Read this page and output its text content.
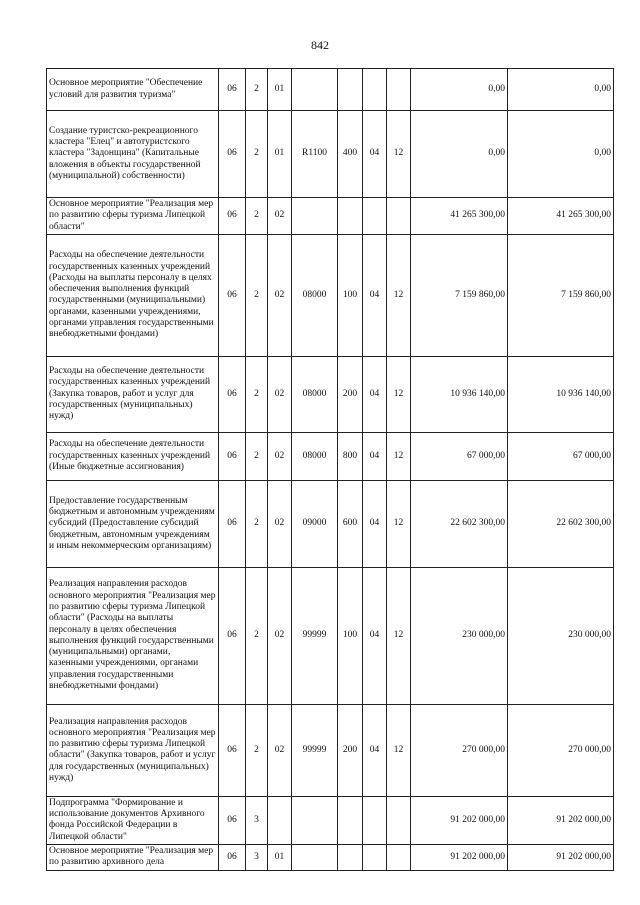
842
Основное мероприятие "Обеспечение условий для развития туризма"	06	2	01					0,00	0,00
Создание туристско-рекреационного кластера "Елец" и автотуристского кластера "Задонщина" (Капитальные вложения в объекты государственной (муниципальной) собственности)	06	2	01	R1100	400	04	12	0,00	0,00
Основное мероприятие "Реализация мер по развитию сферы туризма Липецкой области"	06	2	02					41 265 300,00	41 265 300,00
Расходы на обеспечение деятельности государственных казенных учреждений (Расходы на выплаты персоналу в целях обеспечения выполнения функций государственными (муниципальными) органами, казенными учреждениями, органами управления государственными внебюджетными фондами)	06	2	02	08000	100	04	12	7 159 860,00	7 159 860,00
Расходы на обеспечение деятельности государственных казенных учреждений (Закупка товаров, работ и услуг для государственных (муниципальных) нужд)	06	2	02	08000	200	04	12	10 936 140,00	10 936 140,00
Расходы на обеспечение деятельности государственных казенных учреждений (Иные бюджетные ассигнования)	06	2	02	08000	800	04	12	67 000,00	67 000,00
Предоставление государственным бюджетным и автономным учреждениям субсидий (Предоставление субсидий бюджетным, автономным учреждениям и иным некоммерческим организациям)	06	2	02	09000	600	04	12	22 602 300,00	22 602 300,00
Реализация направления расходов основного мероприятия "Реализация мер по развитию сферы туризма Липецкой области" (Расходы на выплаты персоналу в целях обеспечения выполнения функций государственными (муниципальными) органами, казенными учреждениями, органами управления государственными внебюджетными фондами)	06	2	02	99999	100	04	12	230 000,00	230 000,00
Реализация направления расходов основного мероприятия "Реализация мер по развитию сферы туризма Липецкой области" (Закупка товаров, работ и услуг для государственных (муниципальных) нужд)	06	2	02	99999	200	04	12	270 000,00	270 000,00
Подпрограмма "Формирование и использование документов Архивного фонда Российской Федерации в Липецкой области"	06	3						91 202 000,00	91 202 000,00
Основное мероприятие "Реализация мер по развитию архивного дела	06	3	01					91 202 000,00	91 202 000,00
